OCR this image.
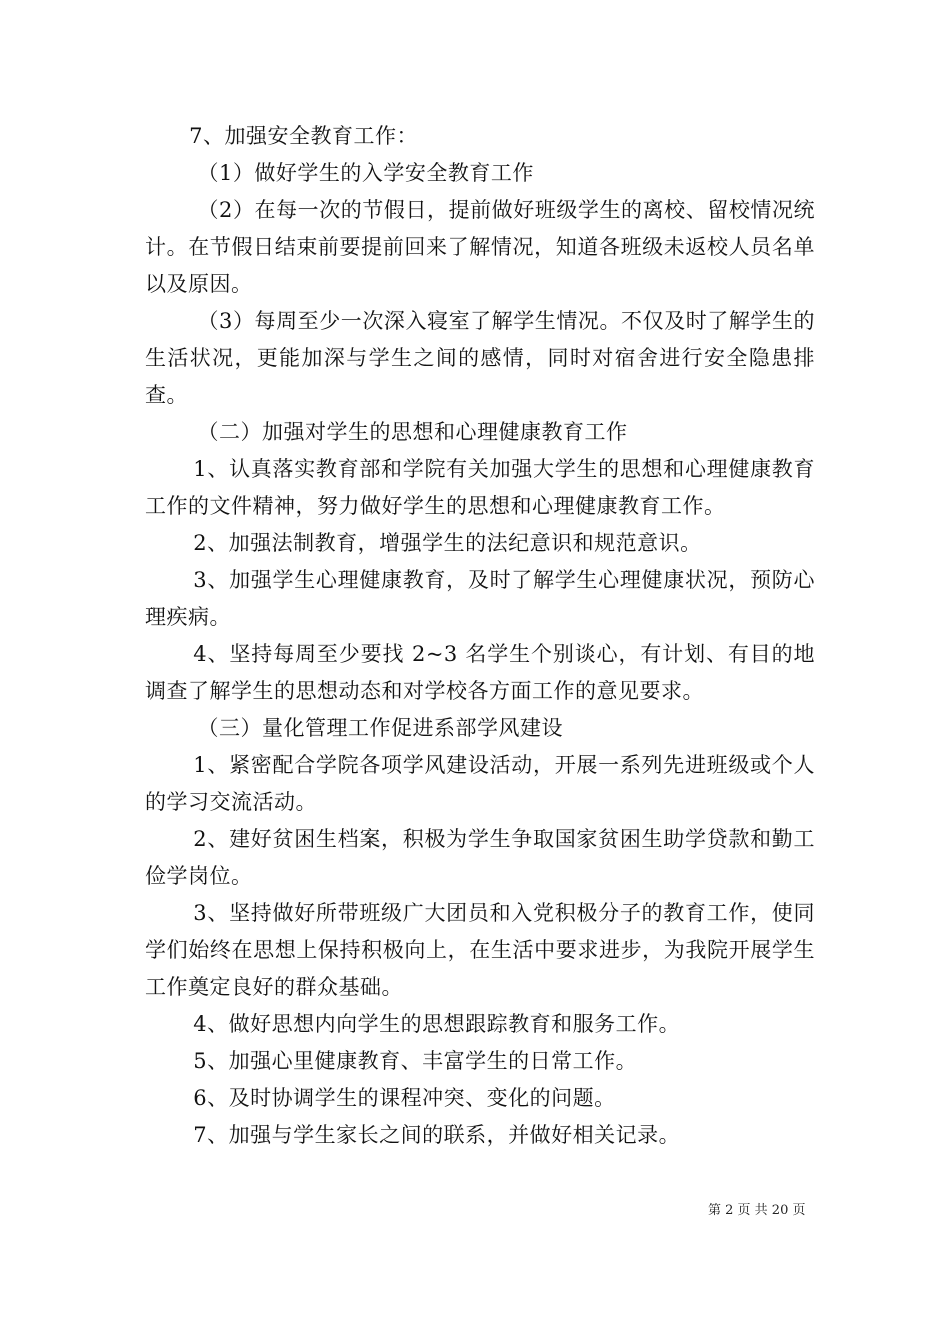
7、加强安全教育工作：

（1）做好学生的入学安全教育工作

（2）在每一次的节假日，提前做好班级学生的离校、留校情况统计。在节假日结束前要提前回来了解情况，知道各班级未返校人员名单以及原因。

（3）每周至少一次深入寝室了解学生情况。不仅及时了解学生的生活状况，更能加深与学生之间的感情，同时对宿舍进行安全隐患排查。

（二）加强对学生的思想和心理健康教育工作

1、认真落实教育部和学院有关加强大学生的思想和心理健康教育工作的文件精神，努力做好学生的思想和心理健康教育工作。

2、加强法制教育，增强学生的法纪意识和规范意识。

3、加强学生心理健康教育，及时了解学生心理健康状况，预防心理疾病。

4、坚持每周至少要找 2~3 名学生个别谈心，有计划、有目的地调查了解学生的思想动态和对学校各方面工作的意见要求。

（三）量化管理工作促进系部学风建设

1、紧密配合学院各项学风建设活动，开展一系列先进班级或个人的学习交流活动。

2、建好贫困生档案，积极为学生争取国家贫困生助学贷款和勤工俭学岗位。

3、坚持做好所带班级广大团员和入党积极分子的教育工作，使同学们始终在思想上保持积极向上，在生活中要求进步，为我院开展学生工作奠定良好的群众基础。

4、做好思想内向学生的思想跟踪教育和服务工作。

5、加强心里健康教育、丰富学生的日常工作。

6、及时协调学生的课程冲突、变化的问题。

7、加强与学生家长之间的联系，并做好相关记录。

第 2 页 共 20 页
